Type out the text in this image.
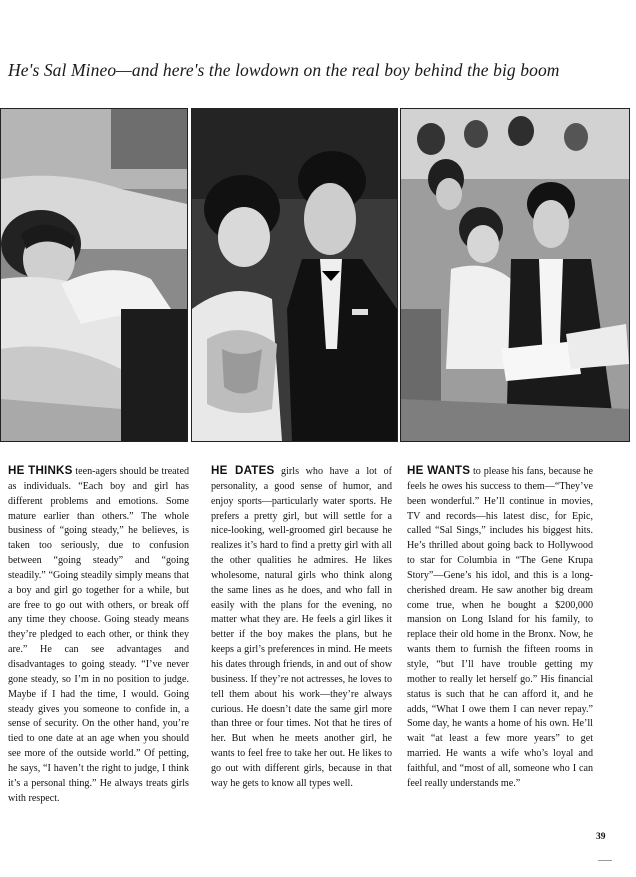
He's Sal Mineo—and here's the lowdown on the real boy behind the big boom

HE THINKS teen-agers should be treated as individuals. “Each boy and girl has different problems and emotions. Some mature earlier than others.” The whole business of “going steady,” he believes, is taken too seriously, due to confusion between “going steady” and “going steadily.” “Going steadily simply means that a boy and girl go together for a while, but are free to go out with others, or break off any time they choose. Going steady means they’re pledged to each other, or think they are.” He can see advantages and disadvantages to going steady. “I’ve never gone steady, so I’m in no position to judge. Maybe if I had the time, I would. Going steady gives you someone to confide in, a sense of security. On the other hand, you’re tied to one date at an age when you should see more of the outside world.” Of petting, he says, “I haven’t the right to judge, I think it’s a personal thing.” He always treats girls with respect.

HE DATES girls who have a lot of personality, a good sense of humor, and enjoy sports—particularly water sports. He prefers a pretty girl, but will settle for a nice-looking, well-groomed girl because he realizes it’s hard to find a pretty girl with all the other qualities he admires. He likes wholesome, natural girls who think along the same lines as he does, and who fall in easily with the plans for the evening, no matter what they are. He feels a girl likes it better if the boy makes the plans, but he keeps a girl’s preferences in mind. He meets his dates through friends, in and out of show business. If they’re not actresses, he loves to tell them about his work—they’re always curious. He doesn’t date the same girl more than three or four times. Not that he tires of her. But when he meets another girl, he wants to feel free to take her out. He likes to go out with different girls, because in that way he gets to know all types well.

HE WANTS to please his fans, because he feels he owes his success to them—“They’ve been wonderful.” He’ll continue in movies, TV and records—his latest disc, for Epic, called “Sal Sings,” includes his biggest hits. He’s thrilled about going back to Hollywood to star for Columbia in “The Gene Krupa Story”—Gene’s his idol, and this is a long-cherished dream. He saw another big dream come true, when he bought a $200,000 mansion on Long Island for his family, to replace their old home in the Bronx. Now, he wants them to furnish the fifteen rooms in style, “but I’ll have trouble getting my mother to really let herself go.” His financial status is such that he can afford it, and he adds, “What I owe them I can never repay.” Some day, he wants a home of his own. He’ll wait “at least a few more years” to get married. He wants a wife who’s loyal and faithful, and “most of all, someone who I can feel really understands me.”

39
